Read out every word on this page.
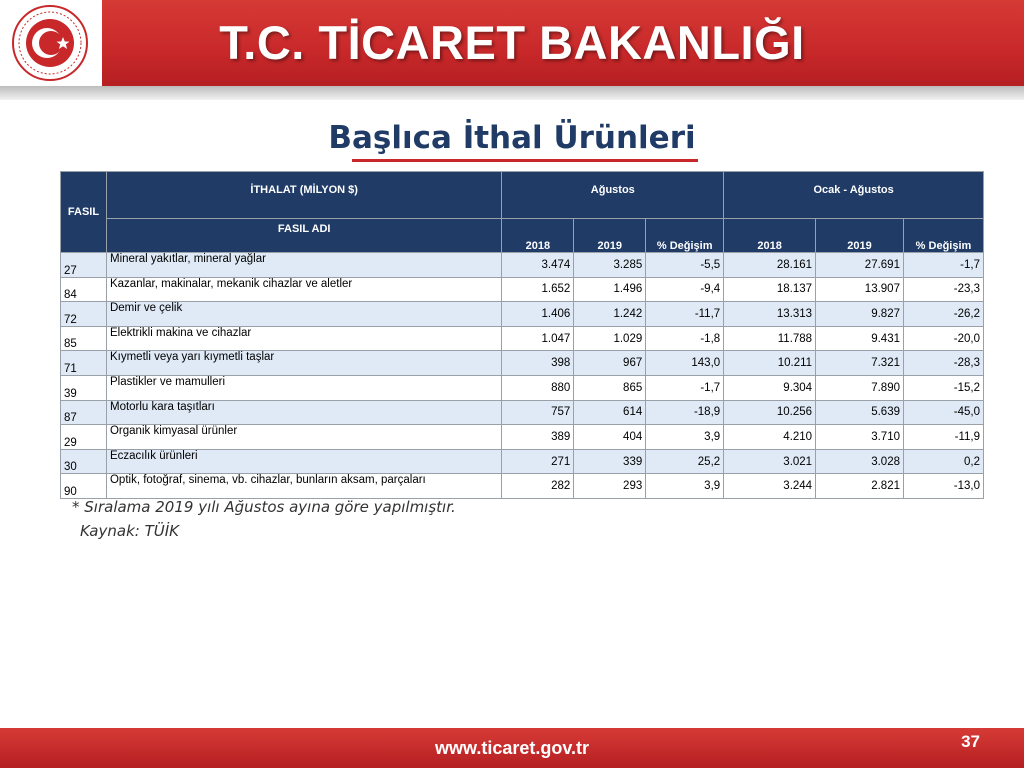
T.C. TİCARET BAKANLIĞI
Başlıca İthal Ürünleri
FASIL	İTHALAT (MİLYON $)	Ağustos			Ocak - Ağustos		
	FASIL ADI	2018	2019	% Değişim	2018	2019	% Değişim
27	Mineral yakıtlar, mineral yağlar	3.474	3.285	-5,5	28.161	27.691	-1,7
84	Kazanlar, makinalar, mekanik cihazlar ve aletler	1.652	1.496	-9,4	18.137	13.907	-23,3
72	Demir ve çelik	1.406	1.242	-11,7	13.313	9.827	-26,2
85	Elektrikli makina ve cihazlar	1.047	1.029	-1,8	11.788	9.431	-20,0
71	Kıymetli veya yarı kıymetli taşlar	398	967	143,0	10.211	7.321	-28,3
39	Plastikler ve mamulleri	880	865	-1,7	9.304	7.890	-15,2
87	Motorlu kara taşıtları	757	614	-18,9	10.256	5.639	-45,0
29	Organik kimyasal ürünler	389	404	3,9	4.210	3.710	-11,9
30	Eczacılık ürünleri	271	339	25,2	3.021	3.028	0,2
90	Optik, fotoğraf, sinema, vb. cihazlar, bunların aksam, parçaları	282	293	3,9	3.244	2.821	-13,0
* Sıralama 2019 yılı Ağustos ayına göre yapılmıştır.
Kaynak: TÜİK
www.ticaret.gov.tr	37
